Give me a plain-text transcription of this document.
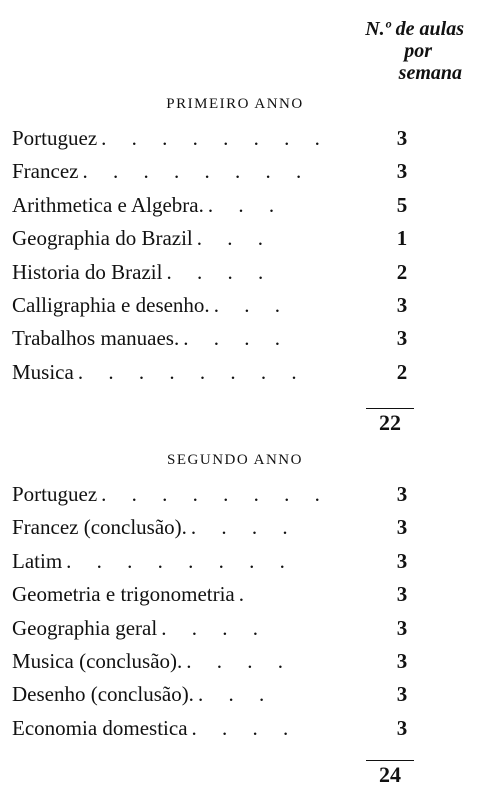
N.º de aulas
por
semana
PRIMEIRO ANNO
Portuguez . . . . . . . .	3
Francez . . . . . . . .	3
Arithmetica e Algebra. . . .	5
Geographia do Brazil . . .	1
Historia do Brazil . . . .	2
Calligraphia e desenho. . . .	3
Trabalhos manuaes. . . . .	3
Musica . . . . . . . .	2
22
SEGUNDO ANNO
Portuguez . . . . . . . .	3
Francez (conclusão). . . . .	3
Latim . . . . . . . .	3
Geometria e trigonometria .	3
Geographia geral . . . .	3
Musica (conclusão). . . . .	3
Desenho (conclusão). . . .	3
Economia domestica . . . .	3
24
